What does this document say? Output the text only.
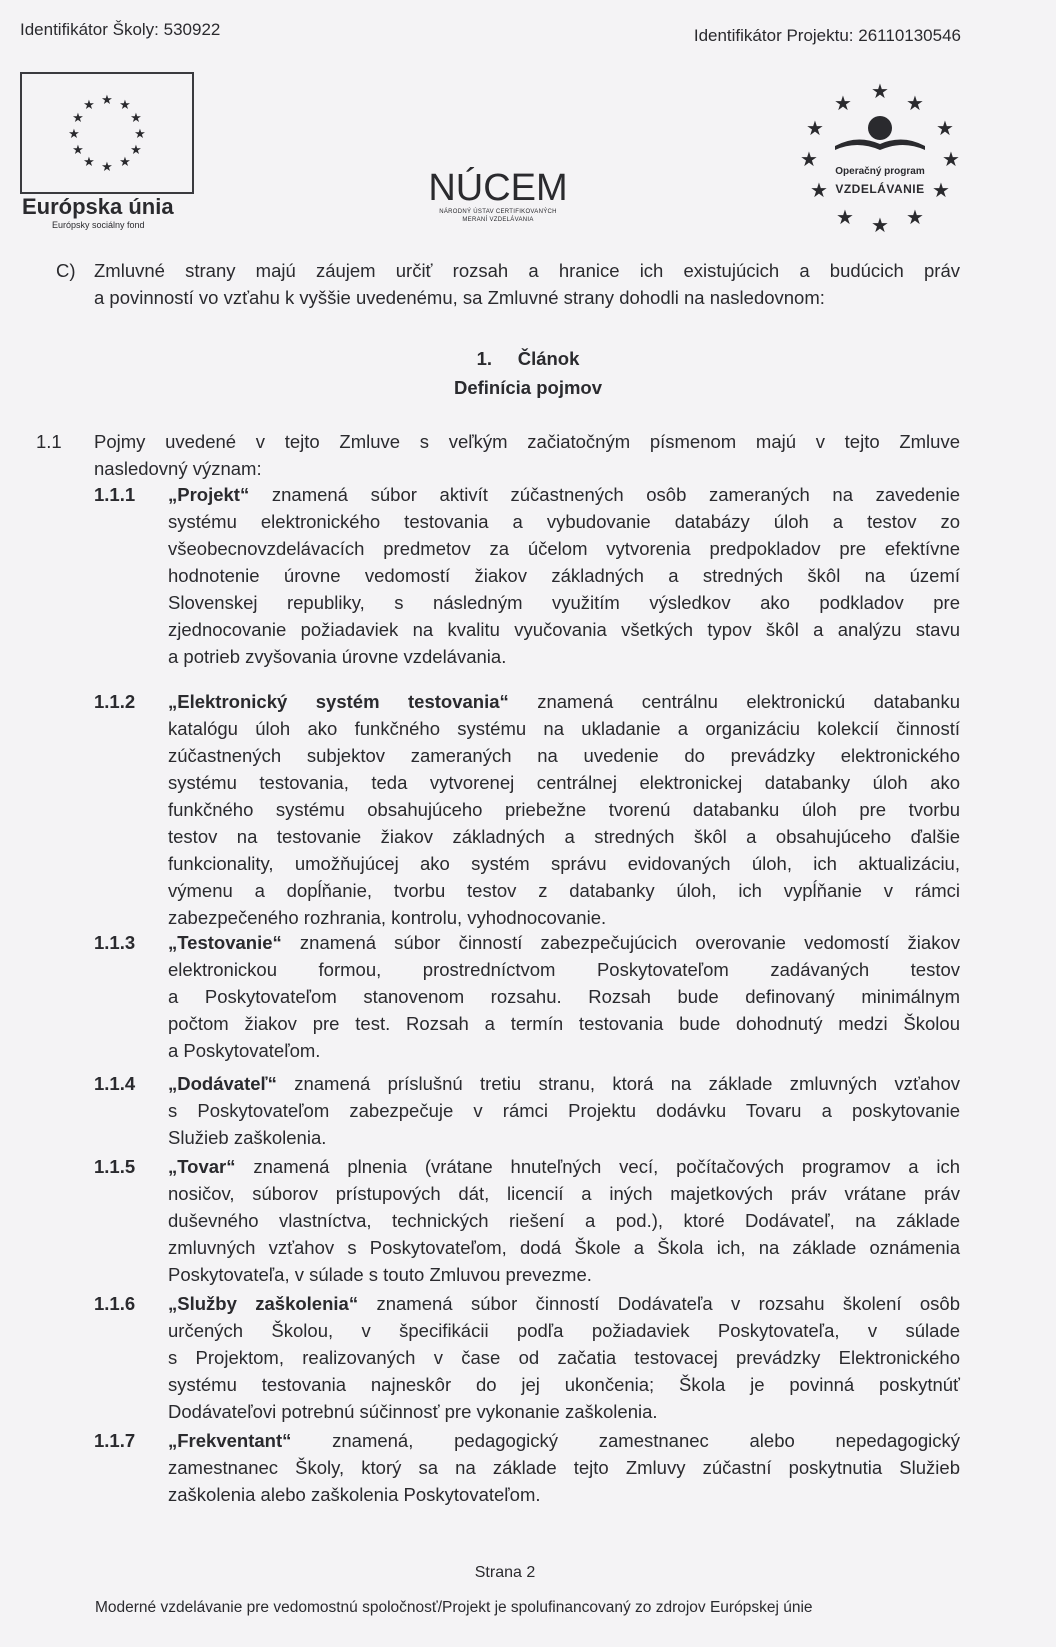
Identifikátor Školy: 530922	Identifikátor Projektu: 26110130546
★ ★
★
★
★
★
★
★
★
★
★
★
Európska únia
Európsky sociálny fond
NÚCEM
NÁRODNÝ ÚSTAV CERTIFIKOVANÝCH
MERANÍ VZDELÁVANIA
★ ★ ★
★	★
★	★
★	★
★ ★ ★
Operačný program
VZDELÁVANIE
C) Zmluvné strany majú záujem určiť rozsah a hranice ich existujúcich a budúcich práv
a povinností vo vzťahu k vyššie uvedenému, sa Zmluvné strany dohodli na nasledovnom:
1. Článok
Definícia pojmov
1.1 Pojmy uvedené v tejto Zmluve s veľkým začiatočným písmenom majú v tejto Zmluve
nasledovný význam:
1.1.1 „Projekt“ znamená súbor aktivít zúčastnených osôb zameraných na zavedenie
systému elektronického testovania a vybudovanie databázy úloh a testov zo
všeobecnovzdelávacích predmetov za účelom vytvorenia predpokladov pre efektívne
hodnotenie úrovne vedomostí žiakov základných a stredných škôl na území
Slovenskej republiky, s následným využitím výsledkov ako podkladov pre
zjednocovanie požiadaviek na kvalitu vyučovania všetkých typov škôl a analýzu stavu
a potrieb zvyšovania úrovne vzdelávania.
1.1.2 „Elektronický systém testovania“ znamená centrálnu elektronickú databanku
katalógu úloh ako funkčného systému na ukladanie a organizáciu kolekcií činností
zúčastnených subjektov zameraných na uvedenie do prevádzky elektronického
systému testovania, teda vytvorenej centrálnej elektronickej databanky úloh ako
funkčného systému obsahujúceho priebežne tvorenú databanku úloh pre tvorbu
testov na testovanie žiakov základných a stredných škôl a obsahujúceho ďalšie
funkcionality, umožňujúcej ako systém správu evidovaných úloh, ich aktualizáciu,
výmenu a dopĺňanie, tvorbu testov z databanky úloh, ich vypĺňanie v rámci
zabezpečeného rozhrania, kontrolu, vyhodnocovanie.
1.1.3 „Testovanie“ znamená súbor činností zabezpečujúcich overovanie vedomostí žiakov
elektronickou formou, prostredníctvom Poskytovateľom zadávaných testov
a Poskytovateľom stanovenom rozsahu. Rozsah bude definovaný minimálnym
počtom žiakov pre test. Rozsah a termín testovania bude dohodnutý medzi Školou
a Poskytovateľom.
1.1.4 „Dodávateľ“ znamená príslušnú tretiu stranu, ktorá na základe zmluvných vzťahov
s Poskytovateľom zabezpečuje v rámci Projektu dodávku Tovaru a poskytovanie
Služieb zaškolenia.
1.1.5 „Tovar“ znamená plnenia (vrátane hnuteľných vecí, počítačových programov a ich
nosičov, súborov prístupových dát, licencií a iných majetkových práv vrátane práv
duševného vlastníctva, technických riešení a pod.), ktoré Dodávateľ, na základe
zmluvných vzťahov s Poskytovateľom, dodá Škole a Škola ich, na základe oznámenia
Poskytovateľa, v súlade s touto Zmluvou prevezme.
1.1.6 „Služby zaškolenia“ znamená súbor činností Dodávateľa v rozsahu školení osôb
určených Školou, v špecifikácii podľa požiadaviek Poskytovateľa, v súlade
s Projektom, realizovaných v čase od začatia testovacej prevádzky Elektronického
systému testovania najneskôr do jej ukončenia; Škola je povinná poskytnúť
Dodávateľovi potrebnú súčinnosť pre vykonanie zaškolenia.
1.1.7 „Frekventant“ znamená, pedagogický zamestnanec alebo nepedagogický
zamestnanec Školy, ktorý sa na základe tejto Zmluvy zúčastní poskytnutia Služieb
zaškolenia alebo zaškolenia Poskytovateľom.
Strana 2
Moderné vzdelávanie pre vedomostnú spoločnosť/Projekt je spolufinancovaný zo zdrojov Európskej únie
